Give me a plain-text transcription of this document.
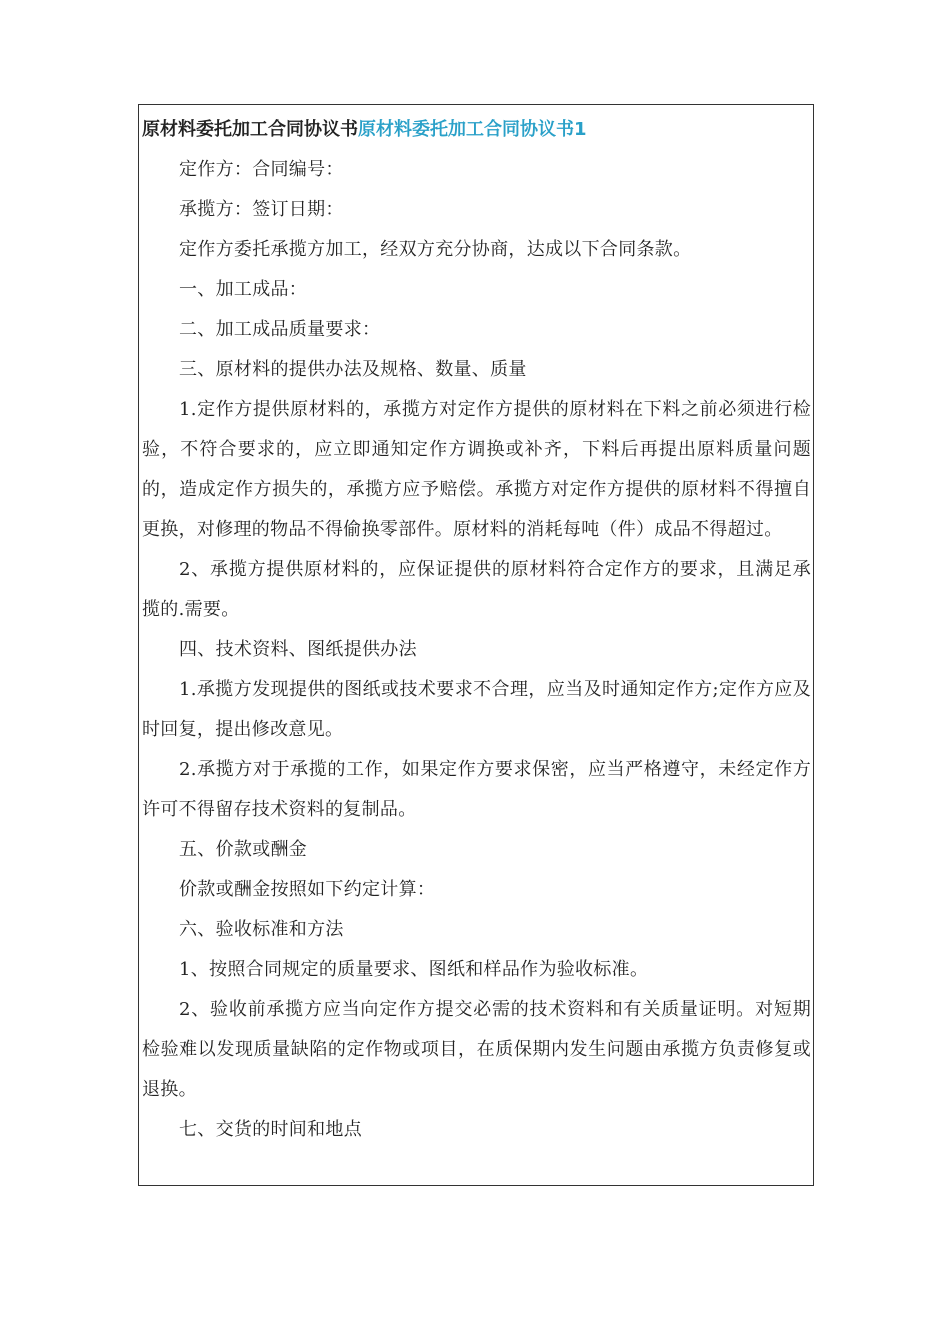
原材料委托加工合同协议书原材料委托加工合同协议书1

定作方：合同编号：

承揽方：签订日期：

定作方委托承揽方加工，经双方充分协商，达成以下合同条款。

一、加工成品：

二、加工成品质量要求：

三、原材料的提供办法及规格、数量、质量

1.定作方提供原材料的，承揽方对定作方提供的原材料在下料之前必须进行检验，不符合要求的，应立即通知定作方调换或补齐，下料后再提出原料质量问题的，造成定作方损失的，承揽方应予赔偿。承揽方对定作方提供的原材料不得擅自更换，对修理的物品不得偷换零部件。原材料的消耗每吨（件）成品不得超过。

2、承揽方提供原材料的，应保证提供的原材料符合定作方的要求，且满足承揽的.需要。

四、技术资料、图纸提供办法

1.承揽方发现提供的图纸或技术要求不合理，应当及时通知定作方;定作方应及时回复，提出修改意见。

2.承揽方对于承揽的工作，如果定作方要求保密，应当严格遵守，未经定作方许可不得留存技术资料的复制品。

五、价款或酬金

价款或酬金按照如下约定计算：

六、验收标准和方法

1、按照合同规定的质量要求、图纸和样品作为验收标准。

2、验收前承揽方应当向定作方提交必需的技术资料和有关质量证明。对短期检验难以发现质量缺陷的定作物或项目，在质保期内发生问题由承揽方负责修复或退换。

七、交货的时间和地点
